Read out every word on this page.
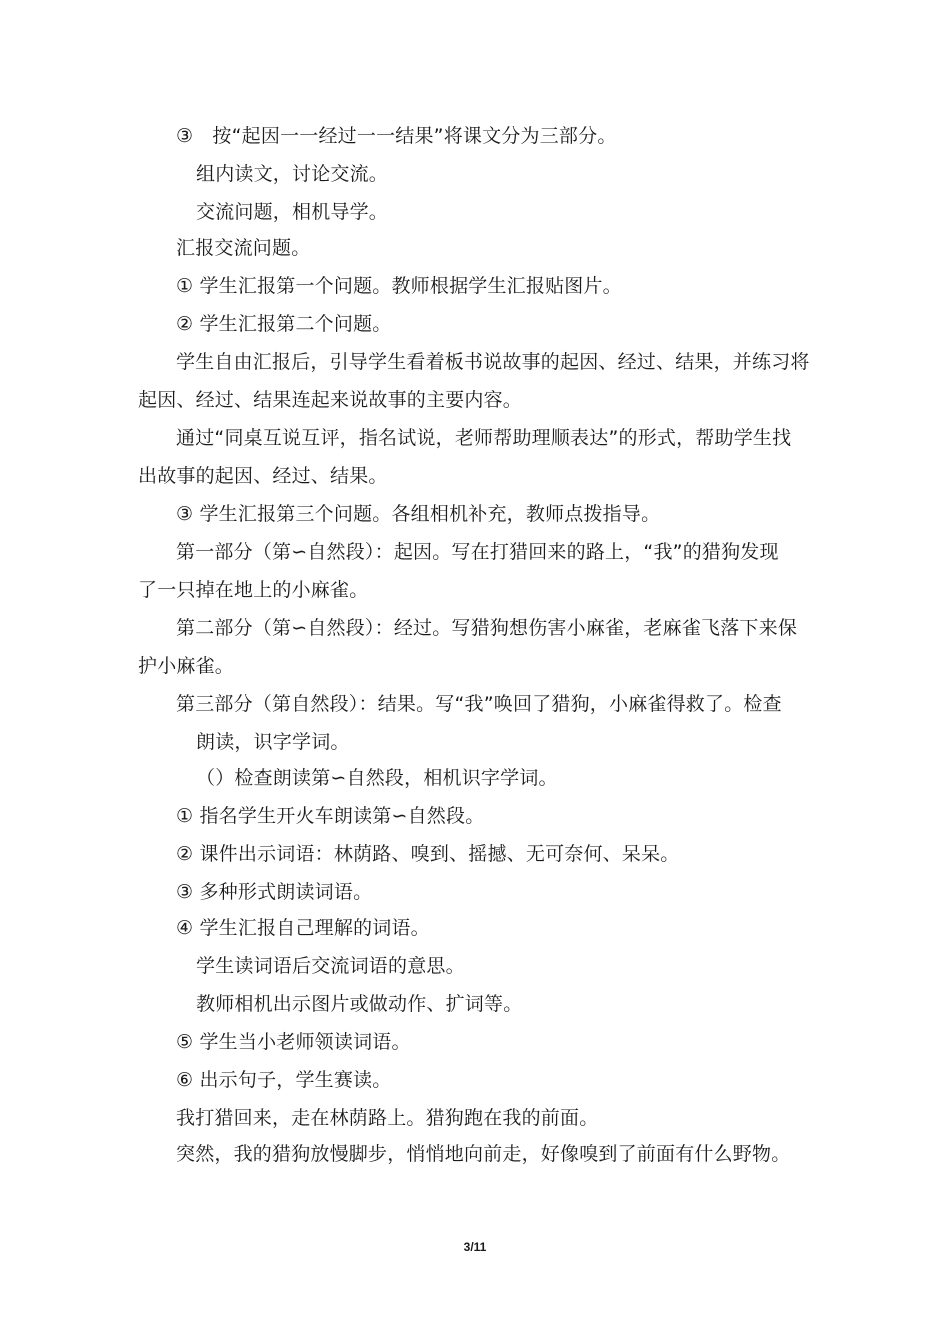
③　按“起因一一经过一一结果”将课文分为三部分。
组内读文，讨论交流。
交流问题，相机导学。
汇报交流问题。
① 学生汇报第一个问题。教师根据学生汇报贴图片。
② 学生汇报第二个问题。
学生自由汇报后，引导学生看着板书说故事的起因、经过、结果，并练习将
起因、经过、结果连起来说故事的主要内容。
通过“同桌互说互评，指名试说，老师帮助理顺表达”的形式，帮助学生找
出故事的起因、经过、结果。
③ 学生汇报第三个问题。各组相机补充，教师点拨指导。
第一部分（第∽自然段）：起因。写在打猎回来的路上，“我”的猎狗发现
了一只掉在地上的小麻雀。
第二部分（第∽自然段）：经过。写猎狗想伤害小麻雀，老麻雀飞落下来保
护小麻雀。
第三部分（第自然段）：结果。写“我”唤回了猎狗，小麻雀得救了。检查
朗读，识字学词。
（）检查朗读第∽自然段，相机识字学词。
① 指名学生开火车朗读第∽自然段。
② 课件出示词语：林荫路、嗅到、摇撼、无可奈何、呆呆。
③ 多种形式朗读词语。
④ 学生汇报自己理解的词语。
学生读词语后交流词语的意思。
教师相机出示图片或做动作、扩词等。
⑤ 学生当小老师领读词语。
⑥ 出示句子，学生赛读。
我打猎回来，走在林荫路上。猎狗跑在我的前面。
突然，我的猎狗放慢脚步，悄悄地向前走，好像嗅到了前面有什么野物。
3/11
